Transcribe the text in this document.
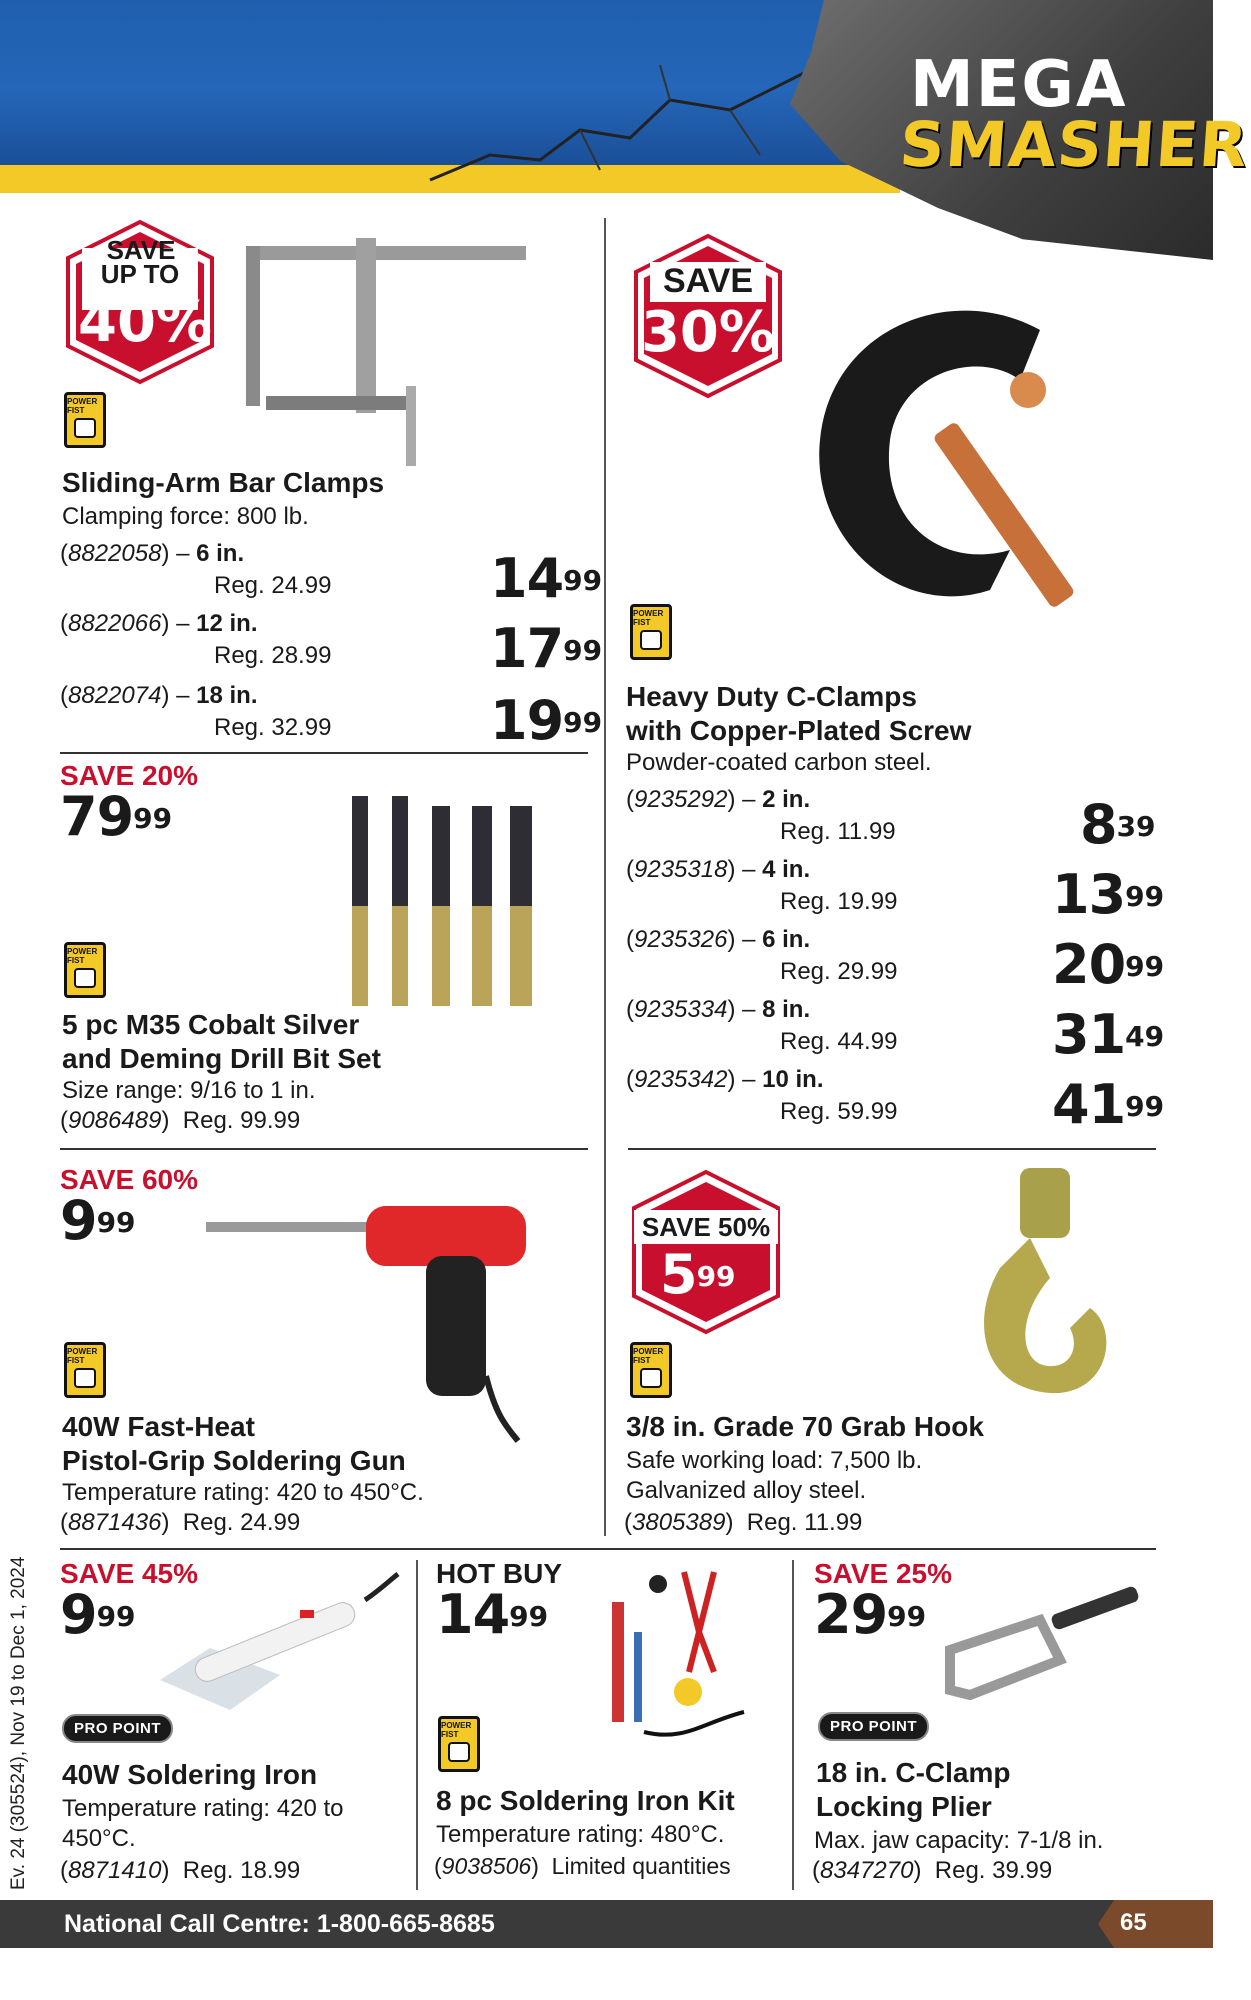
MEGA
SMASHER
SAVE
UP TO
40%
POWER FIST
Sliding-Arm Bar Clamps
Clamping force: 800 lb.
(8822058) – 6 in.
Reg. 24.99	$14^{99}$
(8822066) – 12 in.
Reg. 28.99	$17^{99}$
(8822074) – 18 in.
Reg. 32.99	$19^{99}$
SAVE
30%
POWER FIST
Heavy Duty C-Clamps
with Copper-Plated Screw
Powder-coated carbon steel.
(9235292) – 2 in.
Reg. 11.99	$8^{39}$
(9235318) – 4 in.
Reg. 19.99	$13^{99}$
(9235326) – 6 in.
Reg. 29.99	$20^{99}$
(9235334) – 8 in.
Reg. 44.99	$31^{49}$
(9235342) – 10 in.
Reg. 59.99	$41^{99}$
SAVE 20%
$79^{99}$
POWER FIST
5 pc M35 Cobalt Silver
and Deming Drill Bit Set
Size range: 9/16 to 1 in.
(9086489)  Reg. 99.99
SAVE 60%
$9^{99}$
POWER FIST
40W Fast-Heat
Pistol-Grip Soldering Gun
Temperature rating: 420 to 450°C.
(8871436)  Reg. 24.99
SAVE 50%
$5^{99}$
POWER FIST
3/8 in. Grade 70 Grab Hook
Safe working load: 7,500 lb.
Galvanized alloy steel.
(3805389)  Reg. 11.99
SAVE 45%
$9^{99}$
PRO POINT
40W Soldering Iron
Temperature rating: 420 to
450°C.
(8871410)  Reg. 18.99
HOT BUY
$14^{99}$
POWER FIST
8 pc Soldering Iron Kit
Temperature rating: 480°C.
(9038506)  Limited quantities
SAVE 25%
$29^{99}$
PRO POINT
18 in. C-Clamp
Locking Plier
Max. jaw capacity: 7-1/8 in.
(8347270)  Reg. 39.99
Ev. 24 (305524), Nov 19 to Dec 1, 2024
National Call Centre: 1-800-665-8685	65
